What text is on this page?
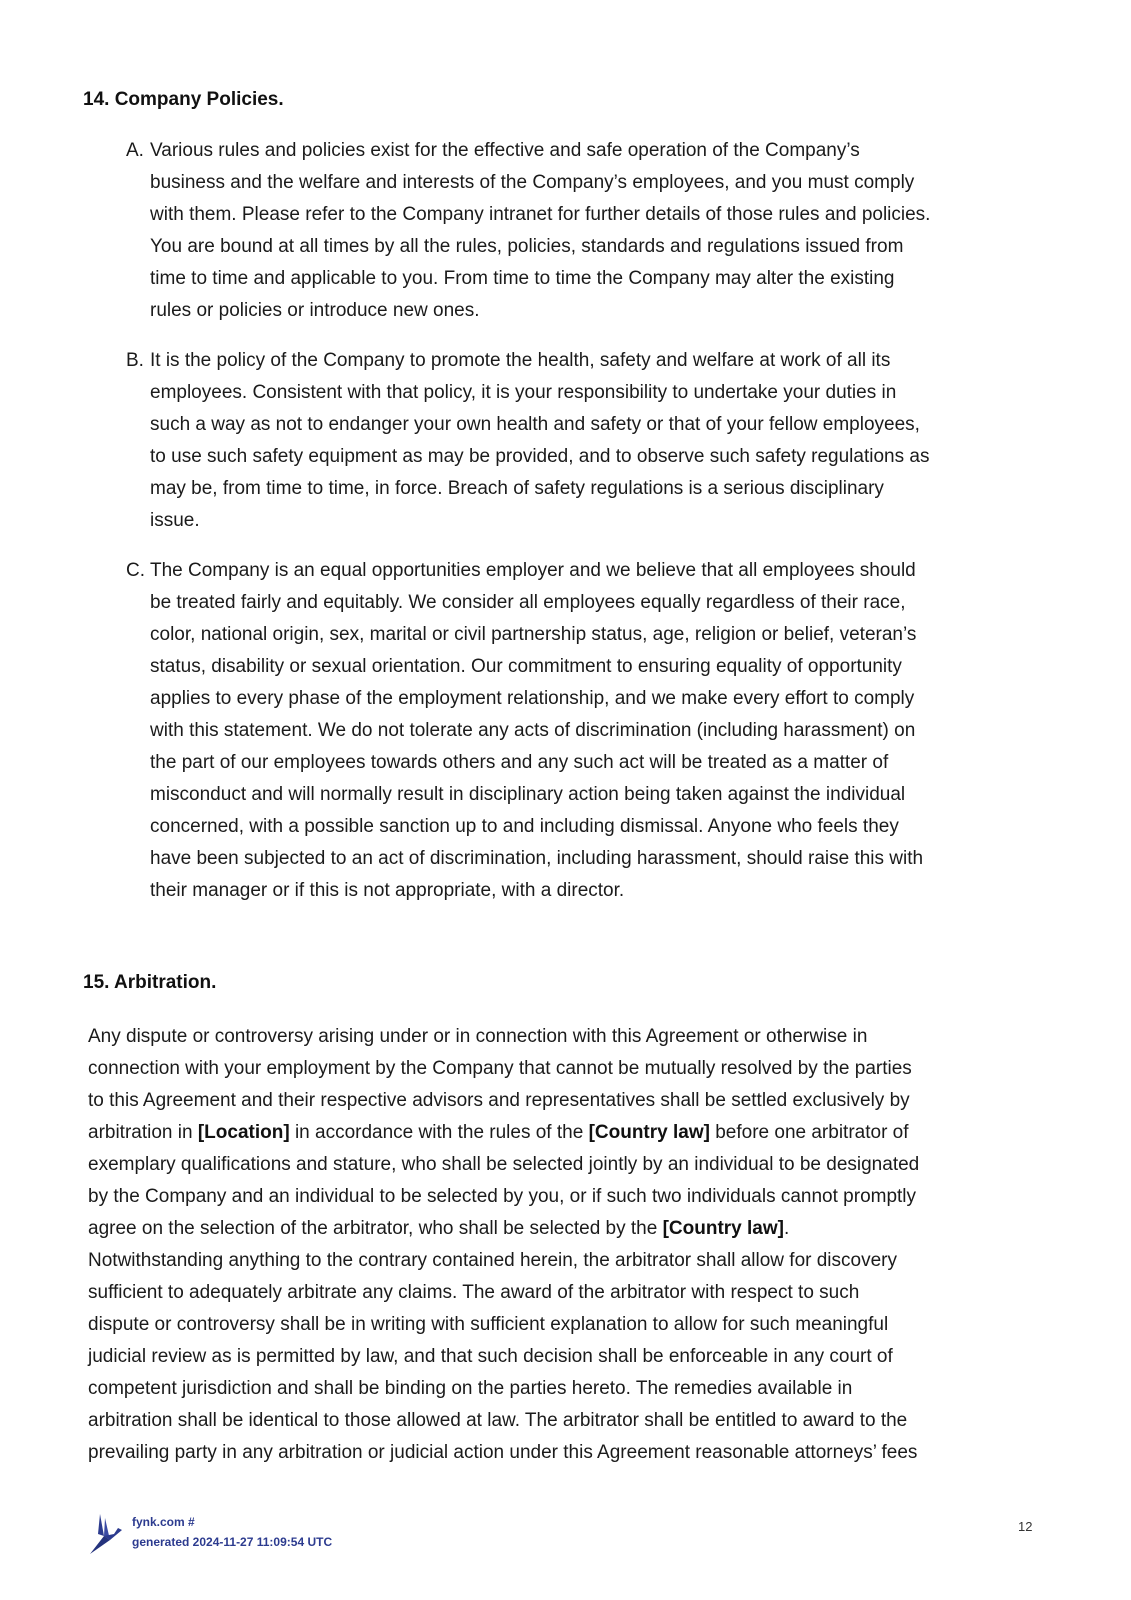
14. Company Policies.
A. Various rules and policies exist for the effective and safe operation of the Company’s
business and the welfare and interests of the Company’s employees, and you must comply
with them. Please refer to the Company intranet for further details of those rules and policies.
You are bound at all times by all the rules, policies, standards and regulations issued from
time to time and applicable to you. From time to time the Company may alter the existing
rules or policies or introduce new ones.
B. It is the policy of the Company to promote the health, safety and welfare at work of all its
employees. Consistent with that policy, it is your responsibility to undertake your duties in
such a way as not to endanger your own health and safety or that of your fellow employees,
to use such safety equipment as may be provided, and to observe such safety regulations as
may be, from time to time, in force. Breach of safety regulations is a serious disciplinary
issue.
C. The Company is an equal opportunities employer and we believe that all employees should
be treated fairly and equitably. We consider all employees equally regardless of their race,
color, national origin, sex, marital or civil partnership status, age, religion or belief, veteran’s
status, disability or sexual orientation. Our commitment to ensuring equality of opportunity
applies to every phase of the employment relationship, and we make every effort to comply
with this statement. We do not tolerate any acts of discrimination (including harassment) on
the part of our employees towards others and any such act will be treated as a matter of
misconduct and will normally result in disciplinary action being taken against the individual
concerned, with a possible sanction up to and including dismissal. Anyone who feels they
have been subjected to an act of discrimination, including harassment, should raise this with
their manager or if this is not appropriate, with a director.
15. Arbitration.
Any dispute or controversy arising under or in connection with this Agreement or otherwise in
connection with your employment by the Company that cannot be mutually resolved by the parties
to this Agreement and their respective advisors and representatives shall be settled exclusively by
arbitration in [Location] in accordance with the rules of the [Country law] before one arbitrator of
exemplary qualifications and stature, who shall be selected jointly by an individual to be designated
by the Company and an individual to be selected by you, or if such two individuals cannot promptly
agree on the selection of the arbitrator, who shall be selected by the [Country law].
Notwithstanding anything to the contrary contained herein, the arbitrator shall allow for discovery
sufficient to adequately arbitrate any claims. The award of the arbitrator with respect to such
dispute or controversy shall be in writing with sufficient explanation to allow for such meaningful
judicial review as is permitted by law, and that such decision shall be enforceable in any court of
competent jurisdiction and shall be binding on the parties hereto. The remedies available in
arbitration shall be identical to those allowed at law. The arbitrator shall be entitled to award to the
prevailing party in any arbitration or judicial action under this Agreement reasonable attorneys’ fees
fynk.com #
generated 2024-11-27 11:09:54 UTC
12
